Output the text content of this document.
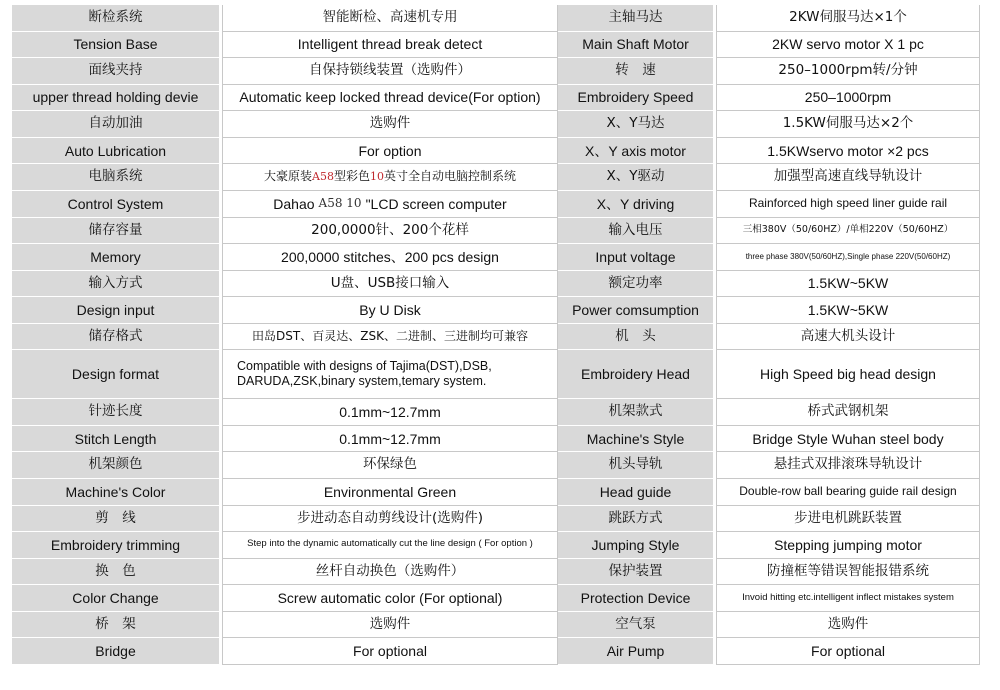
断检系统
Tension Base
面线夹持
upper thread holding devie
自动加油
Auto Lubrication
电脑系统
Control System
储存容量
Memory
输入方式
Design input
储存格式
Design format
针迹长度
Stitch Length
机架颜色
Machine's Color
剪　线
Embroidery trimming
换　色
Color Change
桥　架
Bridge
智能断检、高速机专用
Intelligent thread break detect
自保持锁线装置（选购件）
Automatic keep locked thread device(For option)
选购件
For option
大豪原装 A58 型彩色 10 英寸全自动电脑控制系统
Dahao A58 10 "LCD screen computer
200,0000针、200个花样
200,0000 stitches、200 pcs design
U盘、USB接口输入
By U Disk
田岛DST、百灵达、ZSK、二进制、三进制均可兼容
Compatible with designs of Tajima(DST),DSB,
DARUDA,ZSK,binary system,temary system.
0.1mm~12.7mm
0.1mm~12.7mm
环保绿色
Environmental Green
步进动态自动剪线设计(选购件)
Step into the dynamic automatically cut the line design ( For option )
丝杆自动换色（选购件）
Screw automatic color (For optional)
选购件
For optional
主轴马达
Main Shaft Motor
转　速
Embroidery Speed
X、Y马达
X、Y axis motor
X、Y驱动
X、Y driving
输入电压
Input voltage
额定功率
Power comsumption
机　头
Embroidery Head
机架款式
Machine's Style
机头导轨
Head guide
跳跃方式
Jumping Style
保护装置
Protection Device
空气泵
Air Pump
2KW伺服马达×1个
2KW servo motor X 1 pc
250–1000rpm转/分钟
250–1000rpm
1.5KW伺服马达×2个
1.5KWservo motor ×2 pcs
加强型高速直线导轨设计
Rainforced high speed liner guide rail
三相380V（50/60HZ）/单相220V（50/60HZ）
three phase 380V(50/60HZ),Single phase 220V(50/60HZ)
1.5KW~5KW
1.5KW~5KW
高速大机头设计
High Speed big head design
桥式武钢机架
Bridge Style Wuhan steel body
悬挂式双排滚珠导轨设计
Double-row ball bearing guide rail design
步进电机跳跃装置
Stepping jumping motor
防撞框等错误智能报错系统
Invoid hitting etc.intelligent inflect mistakes system
选购件
For optional
